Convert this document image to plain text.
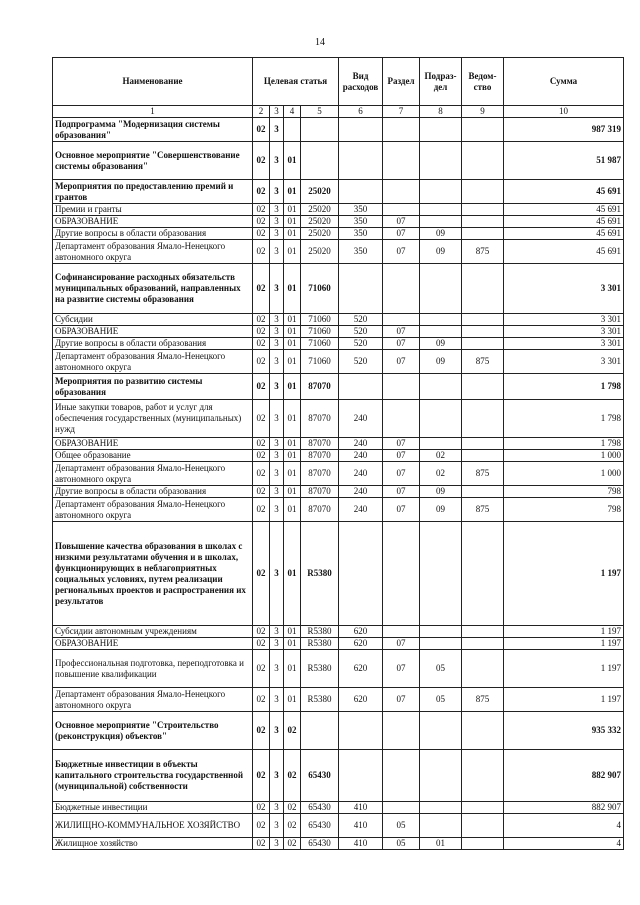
14
Наименование	Целевая статья				Вид расходов	Раздел	Подраз-дел	Ведом-ство	Сумма
1	2	3	4	5	6	7	8	9	10
Подпрограмма "Модернизация системы образования"	02	3							987 319
Основное мероприятие "Совершенствование системы образования"	02	3	01						51 987
Мероприятия по предоставлению премий и грантов	02	3	01	25020					45 691
Премии и гранты	02	3	01	25020	350				45 691
ОБРАЗОВАНИЕ	02	3	01	25020	350	07			45 691
Другие вопросы в области образования	02	3	01	25020	350	07	09		45 691
Департамент образования Ямало-Ненецкого автономного округа	02	3	01	25020	350	07	09	875	45 691
Софинансирование расходных обязательств муниципальных образований, направленных на развитие системы образования	02	3	01	71060					3 301
Субсидии	02	3	01	71060	520				3 301
ОБРАЗОВАНИЕ	02	3	01	71060	520	07			3 301
Другие вопросы в области образования	02	3	01	71060	520	07	09		3 301
Департамент образования Ямало-Ненецкого автономного округа	02	3	01	71060	520	07	09	875	3 301
Мероприятия по развитию системы образования	02	3	01	87070					1 798
Иные закупки товаров, работ и услуг для обеспечения государственных (муниципальных) нужд	02	3	01	87070	240				1 798
ОБРАЗОВАНИЕ	02	3	01	87070	240	07			1 798
Общее образование	02	3	01	87070	240	07	02		1 000
Департамент образования Ямало-Ненецкого автономного округа	02	3	01	87070	240	07	02	875	1 000
Другие вопросы в области образования	02	3	01	87070	240	07	09		798
Департамент образования Ямало-Ненецкого автономного округа	02	3	01	87070	240	07	09	875	798
Повышение качества образования в школах с низкими результатами обучения и в школах, функционирующих в неблагоприятных социальных условиях, путем реализации региональных проектов и распространения их результатов	02	3	01	R5380					1 197
Субсидии автономным учреждениям	02	3	01	R5380	620				1 197
ОБРАЗОВАНИЕ	02	3	01	R5380	620	07			1 197
Профессиональная подготовка, переподготовка и повышение квалификации	02	3	01	R5380	620	07	05		1 197
Департамент образования Ямало-Ненецкого автономного округа	02	3	01	R5380	620	07	05	875	1 197
Основное мероприятие "Строительство (реконструкция) объектов"	02	3	02						935 332
Бюджетные инвестиции в объекты капитального строительства государственной (муниципальной) собственности	02	3	02	65430					882 907
Бюджетные инвестиции	02	3	02	65430	410				882 907
ЖИЛИЩНО-КОММУНАЛЬНОЕ ХОЗЯЙСТВО	02	3	02	65430	410	05			4
Жилищное хозяйство	02	3	02	65430	410	05	01		4
